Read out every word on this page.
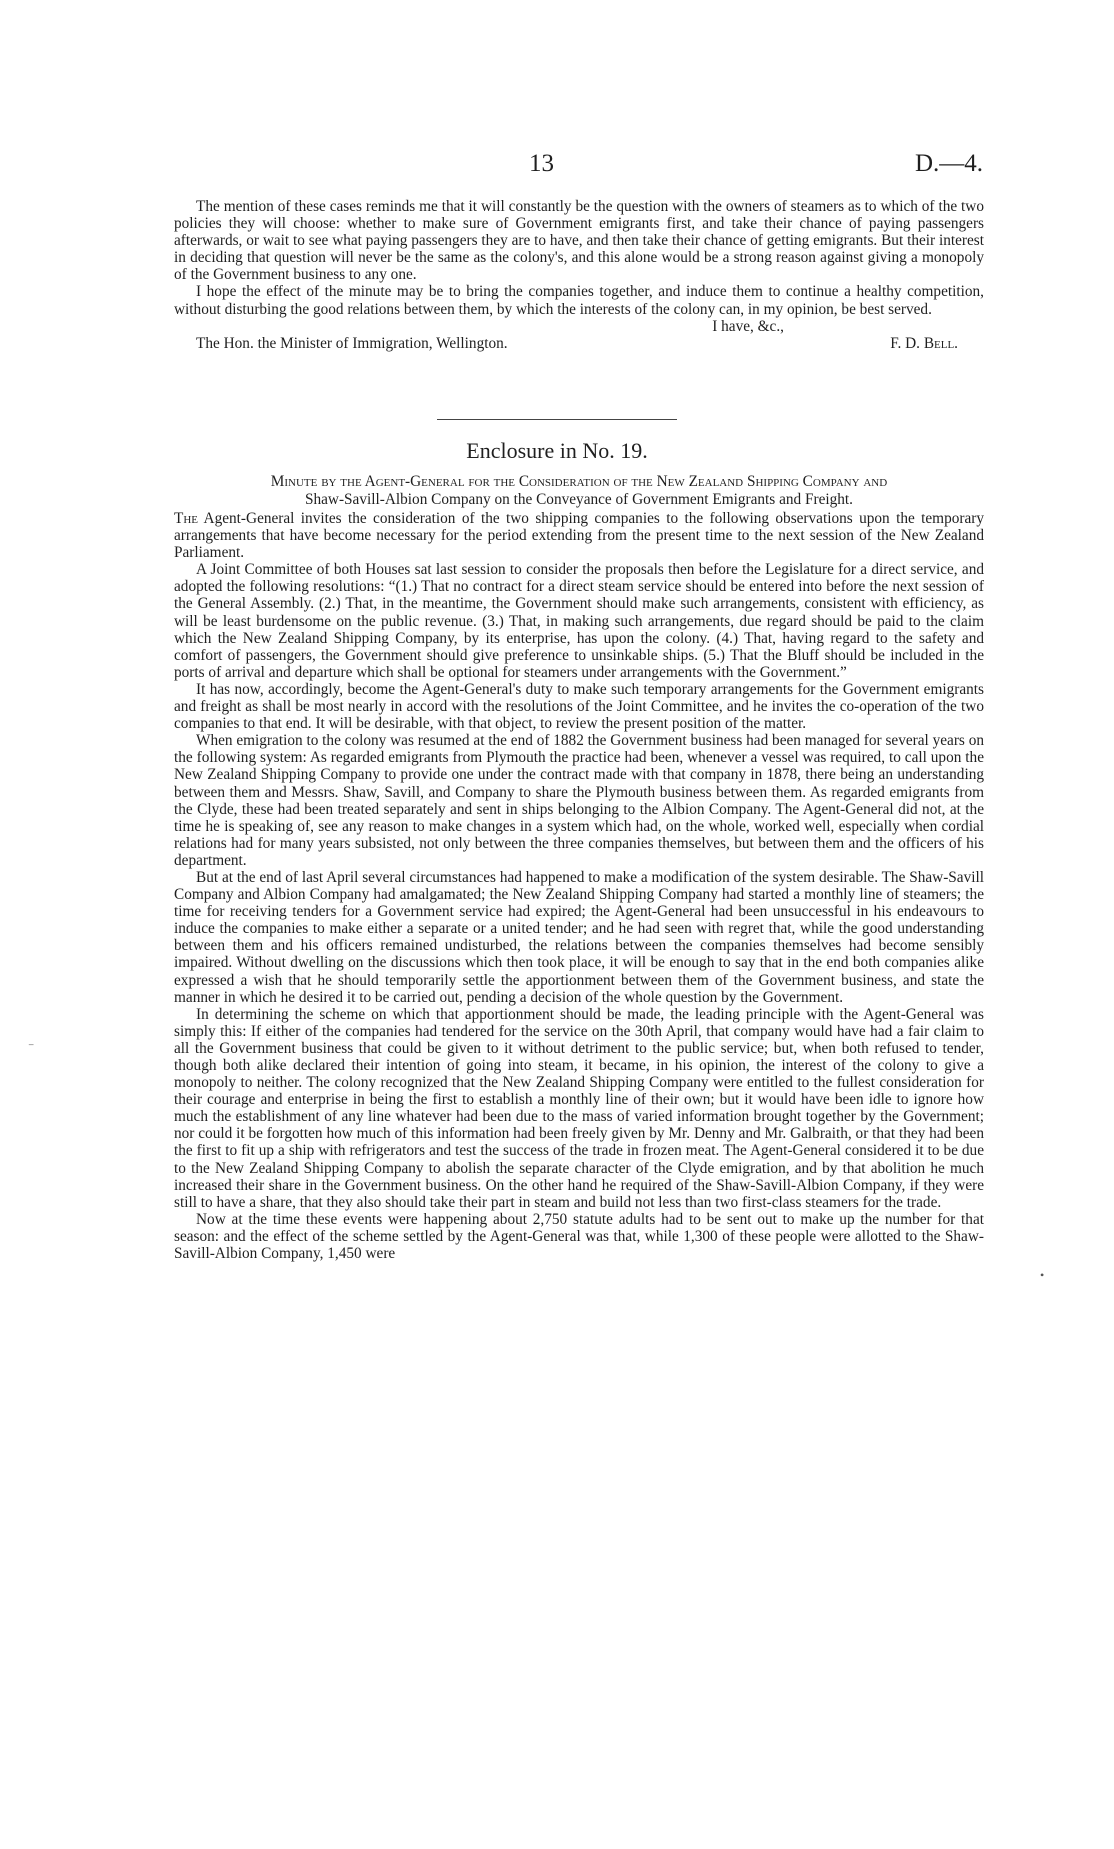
13	D.—4.

The mention of these cases reminds me that it will constantly be the question with the owners of steamers as to which of the two policies they will choose: whether to make sure of Government emigrants first, and take their chance of paying passengers afterwards, or wait to see what paying passengers they are to have, and then take their chance of getting emigrants. But their interest in deciding that question will never be the same as the colony's, and this alone would be a strong reason against giving a monopoly of the Government business to any one.

I hope the effect of the minute may be to bring the companies together, and induce them to continue a healthy competition, without disturbing the good relations between them, by which the interests of the colony can, in my opinion, be best served.

I have, &c.,
The Hon. the Minister of Immigration, Wellington.	F. D. Bell.
Enclosure in No. 19.
Minute by the Agent-General for the Consideration of the New Zealand Shipping Company and
Shaw-Savill-Albion Company on the Conveyance of Government Emigrants and Freight.

The Agent-General invites the consideration of the two shipping companies to the following observations upon the temporary arrangements that have become necessary for the period extending from the present time to the next session of the New Zealand Parliament.

A Joint Committee of both Houses sat last session to consider the proposals then before the Legislature for a direct service, and adopted the following resolutions: “(1.) That no contract for a direct steam service should be entered into before the next session of the General Assembly. (2.) That, in the meantime, the Government should make such arrangements, consistent with efficiency, as will be least burdensome on the public revenue. (3.) That, in making such arrangements, due regard should be paid to the claim which the New Zealand Shipping Company, by its enterprise, has upon the colony. (4.) That, having regard to the safety and comfort of passengers, the Government should give preference to unsinkable ships. (5.) That the Bluff should be included in the ports of arrival and departure which shall be optional for steamers under arrangements with the Government.”

It has now, accordingly, become the Agent-General's duty to make such temporary arrangements for the Government emigrants and freight as shall be most nearly in accord with the resolutions of the Joint Committee, and he invites the co-operation of the two companies to that end. It will be desirable, with that object, to review the present position of the matter.

When emigration to the colony was resumed at the end of 1882 the Government business had been managed for several years on the following system: As regarded emigrants from Plymouth the practice had been, whenever a vessel was required, to call upon the New Zealand Shipping Company to provide one under the contract made with that company in 1878, there being an understanding between them and Messrs. Shaw, Savill, and Company to share the Plymouth business between them. As regarded emigrants from the Clyde, these had been treated separately and sent in ships belonging to the Albion Company. The Agent-General did not, at the time he is speaking of, see any reason to make changes in a system which had, on the whole, worked well, especially when cordial relations had for many years subsisted, not only between the three companies themselves, but between them and the officers of his department.

But at the end of last April several circumstances had happened to make a modification of the system desirable. The Shaw-Savill Company and Albion Company had amalgamated; the New Zealand Shipping Company had started a monthly line of steamers; the time for receiving tenders for a Government service had expired; the Agent-General had been unsuccessful in his endeavours to induce the companies to make either a separate or a united tender; and he had seen with regret that, while the good understanding between them and his officers remained undisturbed, the relations between the companies themselves had become sensibly impaired. Without dwelling on the discussions which then took place, it will be enough to say that in the end both companies alike expressed a wish that he should temporarily settle the apportionment between them of the Government business, and state the manner in which he desired it to be carried out, pending a decision of the whole question by the Government.

In determining the scheme on which that apportionment should be made, the leading principle with the Agent-General was simply this: If either of the companies had tendered for the service on the 30th April, that company would have had a fair claim to all the Government business that could be given to it without detriment to the public service; but, when both refused to tender, though both alike declared their intention of going into steam, it became, in his opinion, the interest of the colony to give a monopoly to neither. The colony recognized that the New Zealand Shipping Company were entitled to the fullest consideration for their courage and enterprise in being the first to establish a monthly line of their own; but it would have been idle to ignore how much the establishment of any line whatever had been due to the mass of varied information brought together by the Government; nor could it be forgotten how much of this information had been freely given by Mr. Denny and Mr. Galbraith, or that they had been the first to fit up a ship with refrigerators and test the success of the trade in frozen meat. The Agent-General considered it to be due to the New Zealand Shipping Company to abolish the separate character of the Clyde emigration, and by that abolition he much increased their share in the Government business. On the other hand he required of the Shaw-Savill-Albion Company, if they were still to have a share, that they also should take their part in steam and build not less than two first-class steamers for the trade.

Now at the time these events were happening about 2,750 statute adults had to be sent out to make up the number for that season: and the effect of the scheme settled by the Agent-General was that, while 1,300 of these people were allotted to the Shaw-Savill-Albion Company, 1,450 were

⁻
•
